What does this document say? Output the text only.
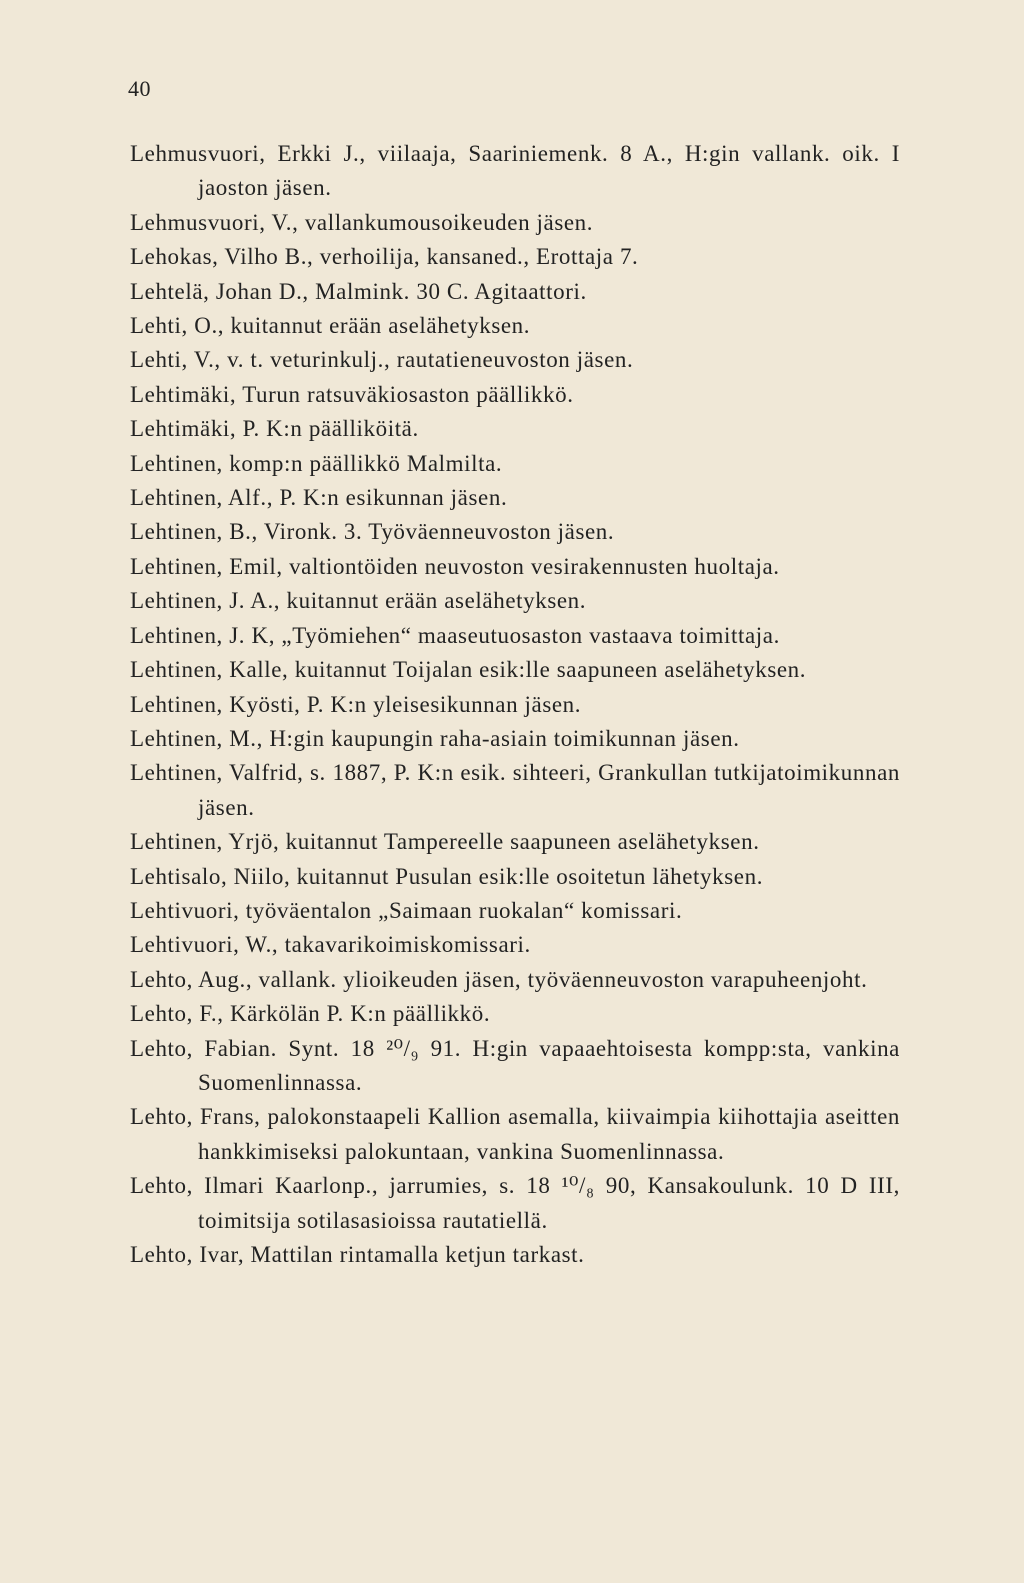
40
Lehmusvuori, Erkki J., viilaaja, Saariniemenk. 8 A., H:gin vallank. oik. I jaoston jäsen.
Lehmusvuori, V., vallankumousoikeuden jäsen.
Lehokas, Vilho B., verhoilija, kansaned., Erottaja 7.
Lehtelä, Johan D., Malmink. 30 C. Agitaattori.
Lehti, O., kuitannut erään aselähetyksen.
Lehti, V., v. t. veturinkulj., rautatieneuvoston jäsen.
Lehtimäki, Turun ratsuväkiosaston päällikkö.
Lehtimäki, P. K:n päälliköitä.
Lehtinen, komp:n päällikkö Malmilta.
Lehtinen, Alf., P. K:n esikunnan jäsen.
Lehtinen, B., Vironk. 3. Työväenneuvoston jäsen.
Lehtinen, Emil, valtiontöiden neuvoston vesirakennusten huoltaja.
Lehtinen, J. A., kuitannut erään aselähetyksen.
Lehtinen, J. K, „Työmiehen“ maaseutuosaston vastaava toimittaja.
Lehtinen, Kalle, kuitannut Toijalan esik:lle saapuneen aselähetyksen.
Lehtinen, Kyösti, P. K:n yleisesikunnan jäsen.
Lehtinen, M., H:gin kaupungin raha-asiain toimikunnan jäsen.
Lehtinen, Valfrid, s. 1887, P. K:n esik. sihteeri, Grankullan tutkijatoimikunnan jäsen.
Lehtinen, Yrjö, kuitannut Tampereelle saapuneen aselähetyksen.
Lehtisalo, Niilo, kuitannut Pusulan esik:lle osoitetun lähetyksen.
Lehtivuori, työväentalon „Saimaan ruokalan“ komissari.
Lehtivuori, W., takavarikoimiskomissari.
Lehto, Aug., vallank. ylioikeuden jäsen, työväenneuvoston varapuheenjoht.
Lehto, F., Kärkölän P. K:n päällikkö.
Lehto, Fabian. Synt. 18 ²⁰/₉ 91. H:gin vapaaehtoisesta kompp:sta, vankina Suomenlinnassa.
Lehto, Frans, palokonstaapeli Kallion asemalla, kiivaimpia kiihottajia aseitten hankkimiseksi palokuntaan, vankina Suomenlinnassa.
Lehto, Ilmari Kaarlonp., jarrumies, s. 18 ¹⁰/₈ 90, Kansakoulunk. 10 D III, toimitsija sotilasasioissa rautatiellä.
Lehto, Ivar, Mattilan rintamalla ketjun tarkast.
